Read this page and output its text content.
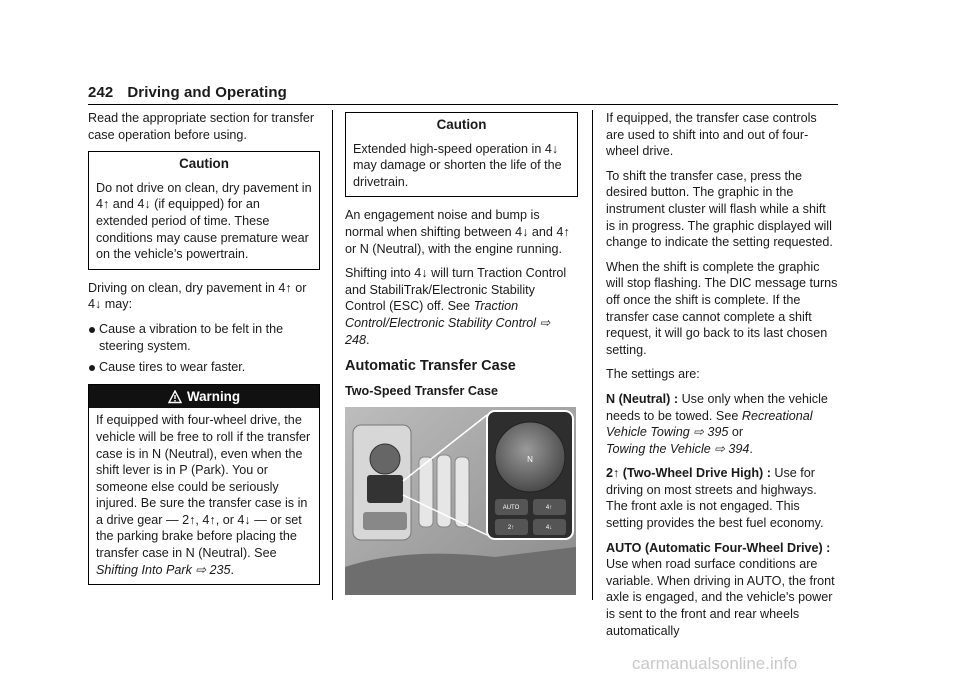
242 Driving and Operating

Read the appropriate section for transfer case operation before using.

Caution
Do not drive on clean, dry pavement in 4↑ and 4↓ (if equipped) for an extended period of time. These conditions may cause premature wear on the vehicle’s powertrain.

Driving on clean, dry pavement in 4↑ or 4↓ may:

Cause a vibration to be felt in the steering system.
Cause tires to wear faster.
Warning
If equipped with four-wheel drive, the vehicle will be free to roll if the transfer case is in N (Neutral), even when the shift lever is in P (Park). You or someone else could be seriously injured. Be sure the transfer case is in a drive gear — 2↑, 4↑, or 4↓ — or set the parking brake before placing the transfer case in N (Neutral). See Shifting Into Park ⇨ 235.
Caution
Extended high-speed operation in 4↓ may damage or shorten the life of the drivetrain.

An engagement noise and bump is normal when shifting between 4↓ and 4↑ or N (Neutral), with the engine running.

Shifting into 4↓ will turn Traction Control and StabiliTrak/Electronic Stability Control (ESC) off. See Traction Control/Electronic Stability Control ⇨ 248.

Automatic Transfer Case
Two-Speed Transfer Case
N
AUTO	4↑
2↑	4↓

If equipped, the transfer case controls are used to shift into and out of four-wheel drive.

To shift the transfer case, press the desired button. The graphic in the instrument cluster will flash while a shift is in progress. The graphic displayed will change to indicate the setting requested.

When the shift is complete the graphic will stop flashing. The DIC message turns off once the shift is complete. If the transfer case cannot complete a shift request, it will go back to its last chosen setting.

The settings are:

N (Neutral) : Use only when the vehicle needs to be towed. See Recreational Vehicle Towing ⇨ 395 or
Towing the Vehicle ⇨ 394.

2↑ (Two-Wheel Drive High) : Use for driving on most streets and highways. The front axle is not engaged. This setting provides the best fuel economy.

AUTO (Automatic Four-Wheel Drive) : Use when road surface conditions are variable. When driving in AUTO, the front axle is engaged, and the vehicle's power is sent to the front and rear wheels automatically

carmanualsonline.info
